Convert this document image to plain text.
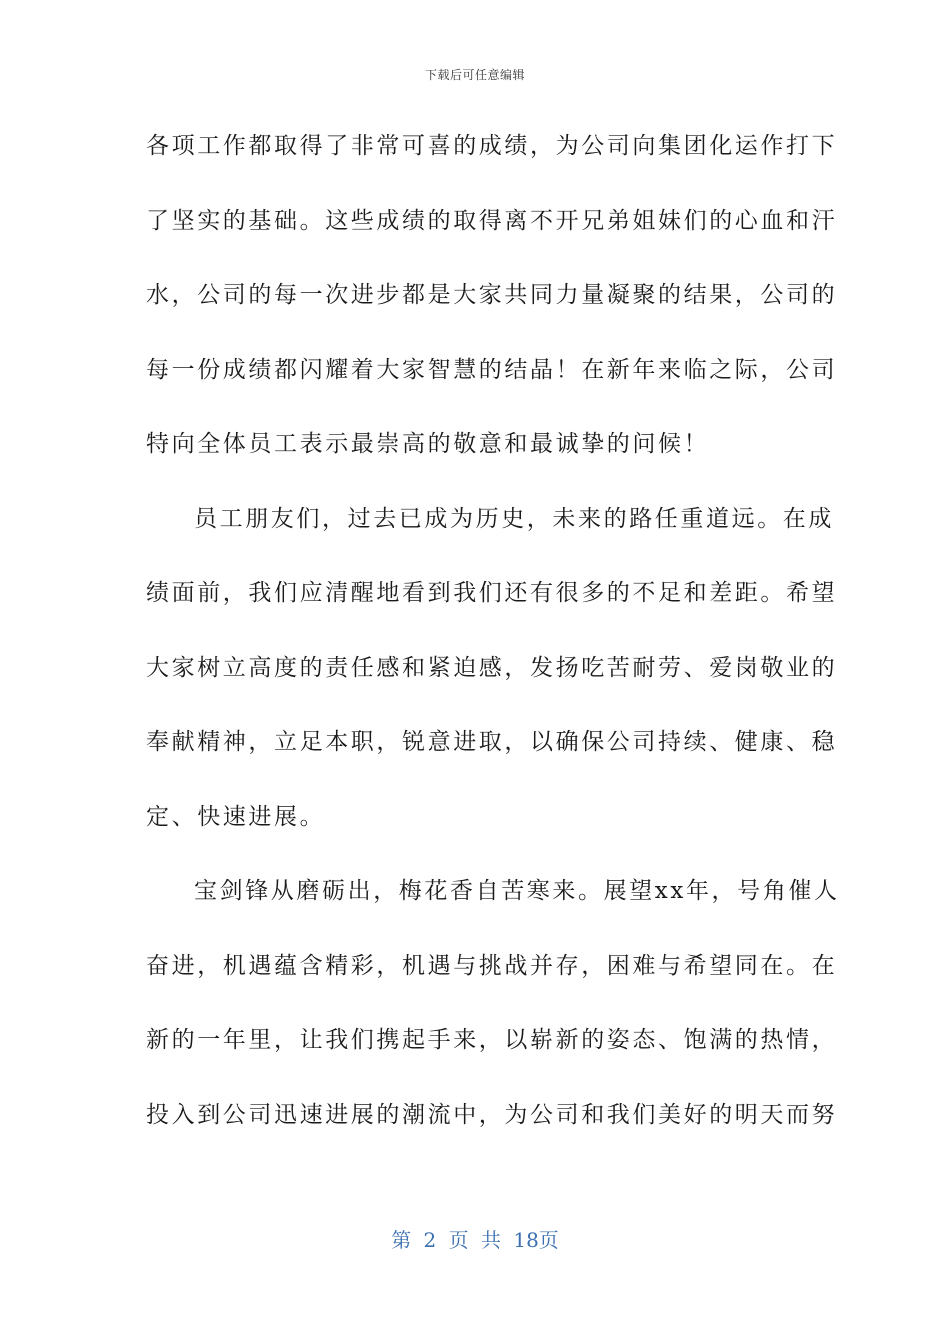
下载后可任意编辑
各项工作都取得了非常可喜的成绩，为公司向集团化运作打下
了坚实的基础。这些成绩的取得离不开兄弟姐妹们的心血和汗
水，公司的每一次进步都是大家共同力量凝聚的结果，公司的
每一份成绩都闪耀着大家智慧的结晶！在新年来临之际，公司
特向全体员工表示最崇高的敬意和最诚挚的问候！
员工朋友们，过去已成为历史，未来的路任重道远。在成
绩面前，我们应清醒地看到我们还有很多的不足和差距。希望
大家树立高度的责任感和紧迫感，发扬吃苦耐劳、爱岗敬业的
奉献精神，立足本职，锐意进取，以确保公司持续、健康、稳
定、快速进展。
宝剑锋从磨砺出，梅花香自苦寒来。展望xx年，号角催人
奋进，机遇蕴含精彩，机遇与挑战并存，困难与希望同在。在
新的一年里，让我们携起手来，以崭新的姿态、饱满的热情，
投入到公司迅速进展的潮流中，为公司和我们美好的明天而努
第 2 页 共 18页
